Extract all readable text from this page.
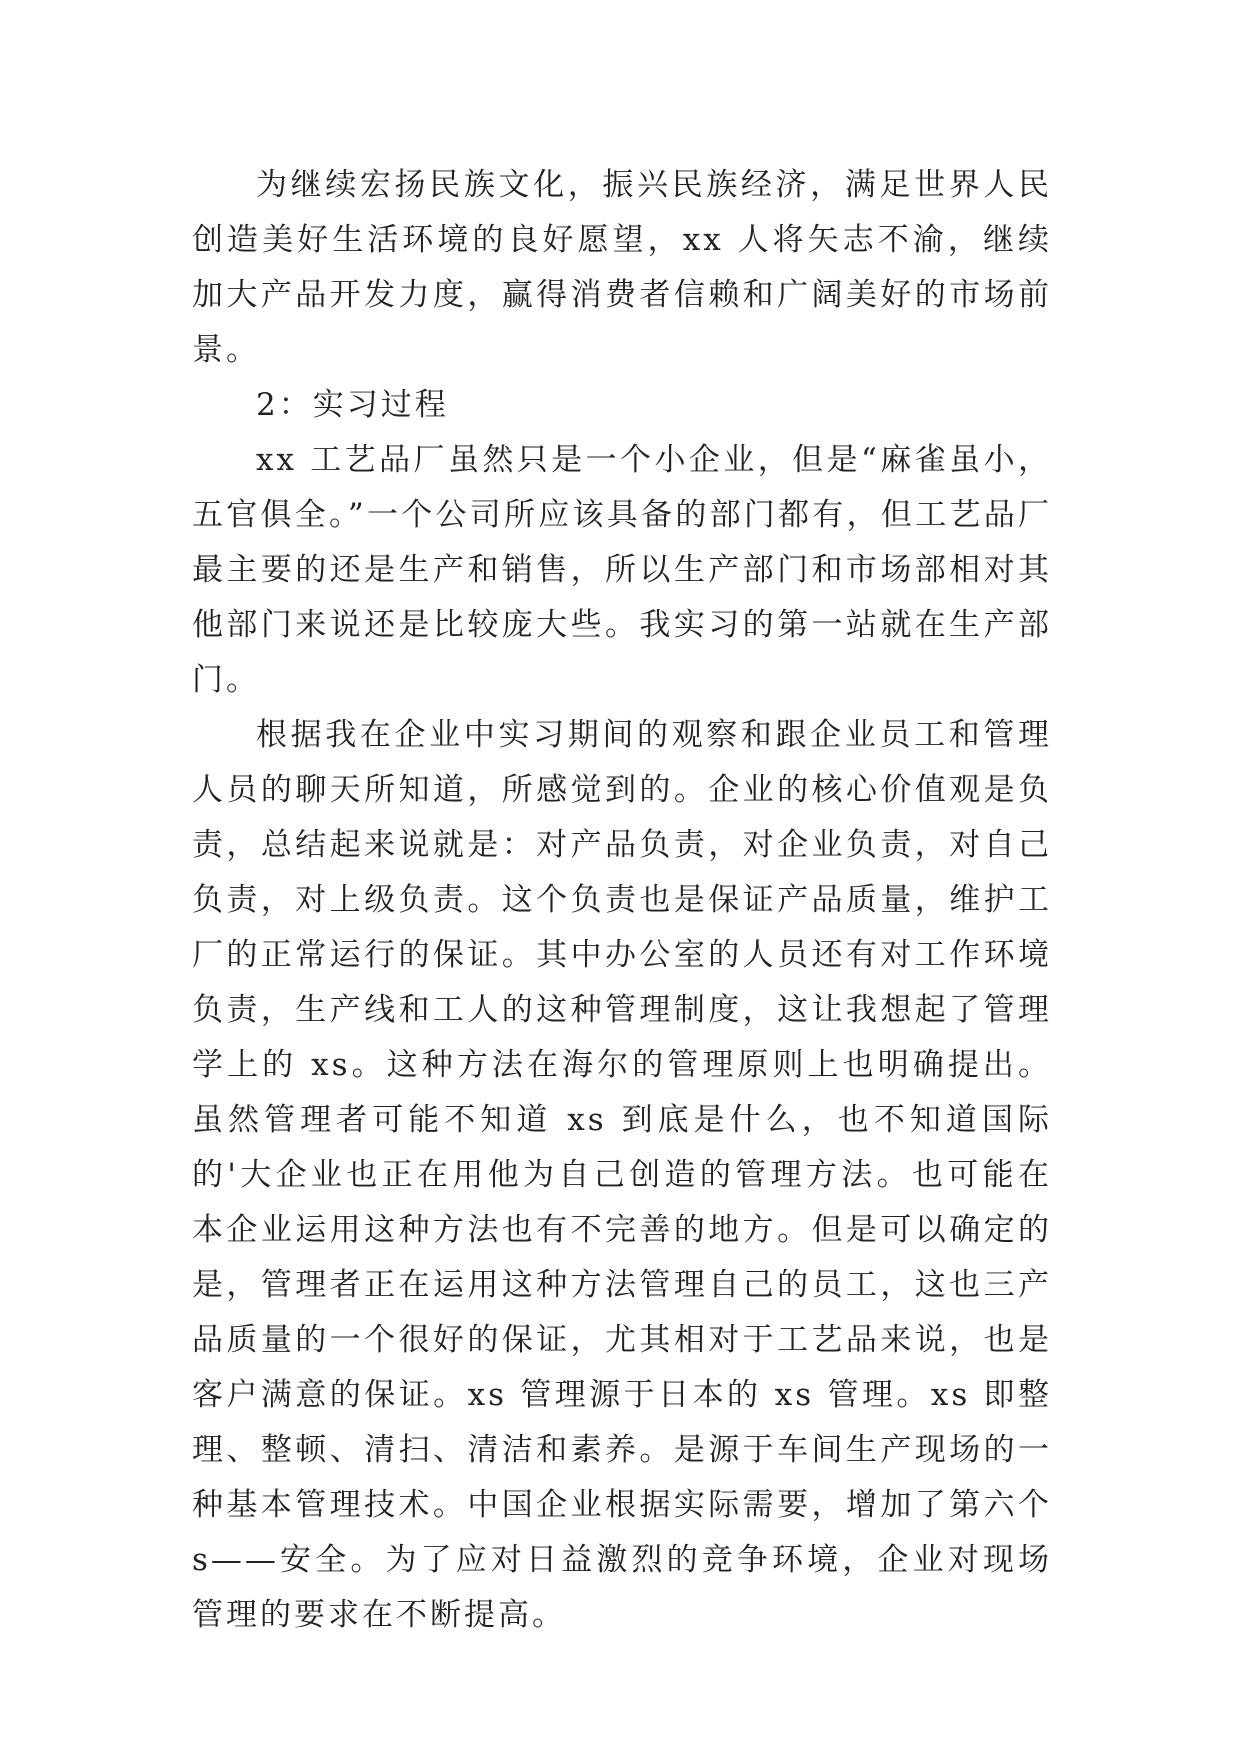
为继续宏扬民族文化，振兴民族经济，满足世界人民创造美好生活环境的良好愿望，xx 人将矢志不渝，继续加大产品开发力度，赢得消费者信赖和广阔美好的市场前景。

2：实习过程

xx 工艺品厂虽然只是一个小企业，但是“麻雀虽小，五官俱全。”一个公司所应该具备的部门都有，但工艺品厂最主要的还是生产和销售，所以生产部门和市场部相对其他部门来说还是比较庞大些。我实习的第一站就在生产部门。

根据我在企业中实习期间的观察和跟企业员工和管理人员的聊天所知道，所感觉到的。企业的核心价值观是负责，总结起来说就是：对产品负责，对企业负责，对自己负责，对上级负责。这个负责也是保证产品质量，维护工厂的正常运行的保证。其中办公室的人员还有对工作环境负责，生产线和工人的这种管理制度，这让我想起了管理学上的 xs。这种方法在海尔的管理原则上也明确提出。虽然管理者可能不知道 xs 到底是什么，也不知道国际的'大企业也正在用他为自己创造的管理方法。也可能在本企业运用这种方法也有不完善的地方。但是可以确定的是，管理者正在运用这种方法管理自己的员工，这也三产品质量的一个很好的保证，尤其相对于工艺品来说，也是客户满意的保证。xs 管理源于日本的 xs 管理。xs 即整理、整顿、清扫、清洁和素养。是源于车间生产现场的一种基本管理技术。中国企业根据实际需要，增加了第六个 s——安全。为了应对日益激烈的竞争环境，企业对现场管理的要求在不断提高。
